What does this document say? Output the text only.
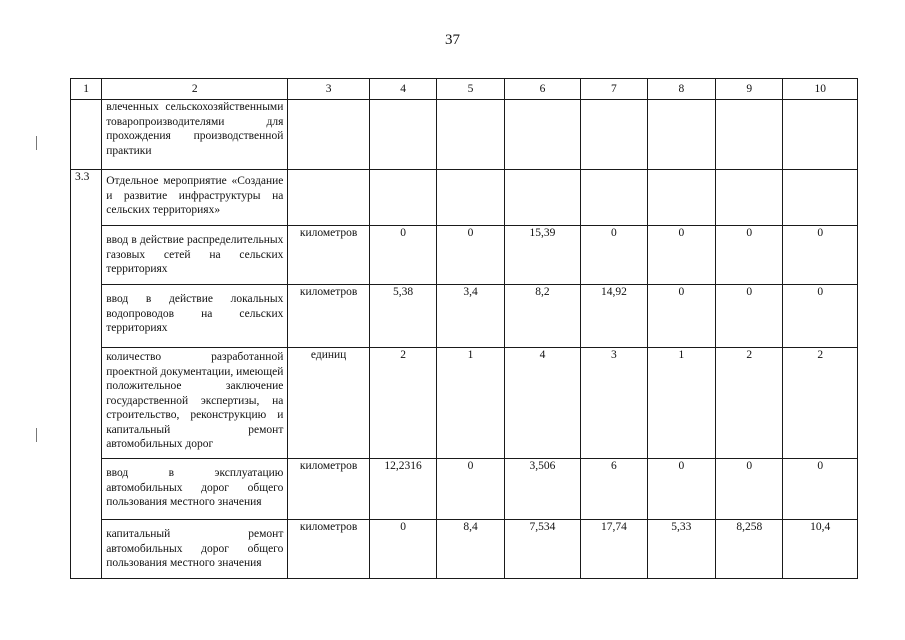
37
1	2	3	4	5	6	7	8	9	10
	влеченных сельскохозяйственными товаропроизводителями для прохождения производственной практики								
3.3	Отдельное мероприятие «Создание и развитие инфраструктуры на сельских территориях»								
	ввод в действие распределительных газовых сетей на сельских территориях	километров	0	0	15,39	0	0	0	0
	ввод в действие локальных водопроводов на сельских территориях	километров	5,38	3,4	8,2	14,92	0	0	0
	количество разработанной проектной документации, имеющей положительное заключение государственной экспертизы, на строительство, реконструкцию и капитальный ремонт автомобильных дорог	единиц	2	1	4	3	1	2	2
	ввод в эксплуатацию автомобильных дорог общего пользования местного значения	километров	12,2316	0	3,506	6	0	0	0
	капитальный ремонт автомобильных дорог общего пользования местного значения	километров	0	8,4	7,534	17,74	5,33	8,258	10,4
